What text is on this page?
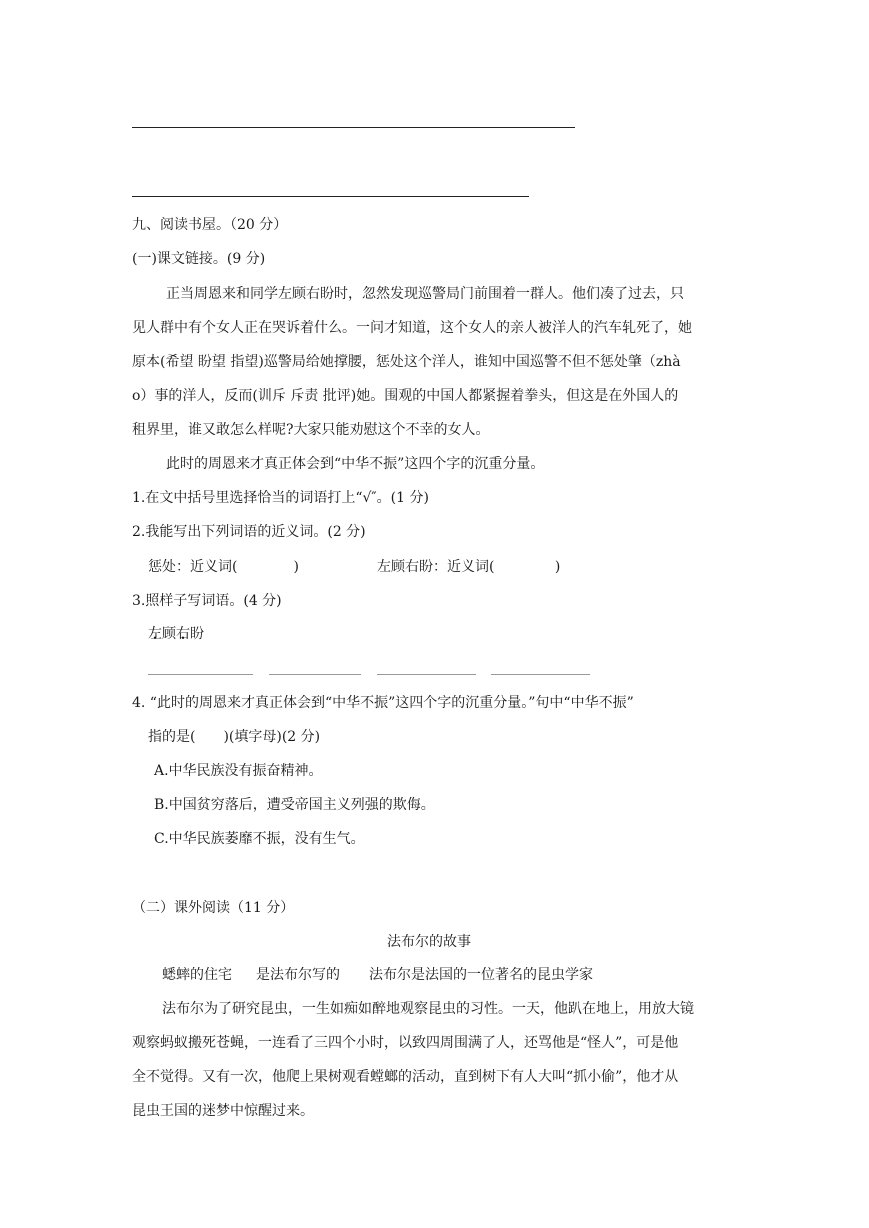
九、阅读书屋。（20 分）
(一)课文链接。(9 分)
正当周恩来和同学左顾右盼时，忽然发现巡警局门前围着一群人。他们凑了过去，只
见人群中有个女人正在哭诉着什么。一问才知道，这个女人的亲人被洋人的汽车轧死了，她
原本(希望 盼望 指望)巡警局给她撑腰，惩处这个洋人，谁知中国巡警不但不惩处肇（zhà
o）事的洋人，反而(训斥 斥责 批评)她。围观的中国人都紧握着拳头，但这是在外国人的
租界里，谁又敢怎么样呢?大家只能劝慰这个不幸的女人。
此时的周恩来才真正体会到“中华不振”这四个字的沉重分量。
1.在文中括号里选择恰当的词语打上“√″。(1 分)
2.我能写出下列词语的近义词。(2 分)
惩处：近义词(　　　　)	左顾右盼：近义词(　　　　 )
3.照样子写词语。(4 分)
左顾右盼
4. “此时的周恩来才真正体会到“中华不振”这四个字的沉重分量。”句中“中华不振”
指的是(　　)(填字母)(2 分)
A.中华民族没有振奋精神。
B.中国贫穷落后，遭受帝国主义列强的欺侮。
C.中华民族萎靡不振，没有生气。
（二）课外阅读（11 分）
法布尔的故事
蟋蟀的住宅 是法布尔写的 法布尔是法国的一位著名的昆虫学家
法布尔为了研究昆虫，一生如痴如醉地观察昆虫的习性。一天，他趴在地上，用放大镜
观察蚂蚁搬死苍蝇，一连看了三四个小时，以致四周围满了人，还骂他是“怪人”，可是他
全不觉得。又有一次，他爬上果树观看螳螂的活动，直到树下有人大叫“抓小偷”，他才从
昆虫王国的迷梦中惊醒过来。
